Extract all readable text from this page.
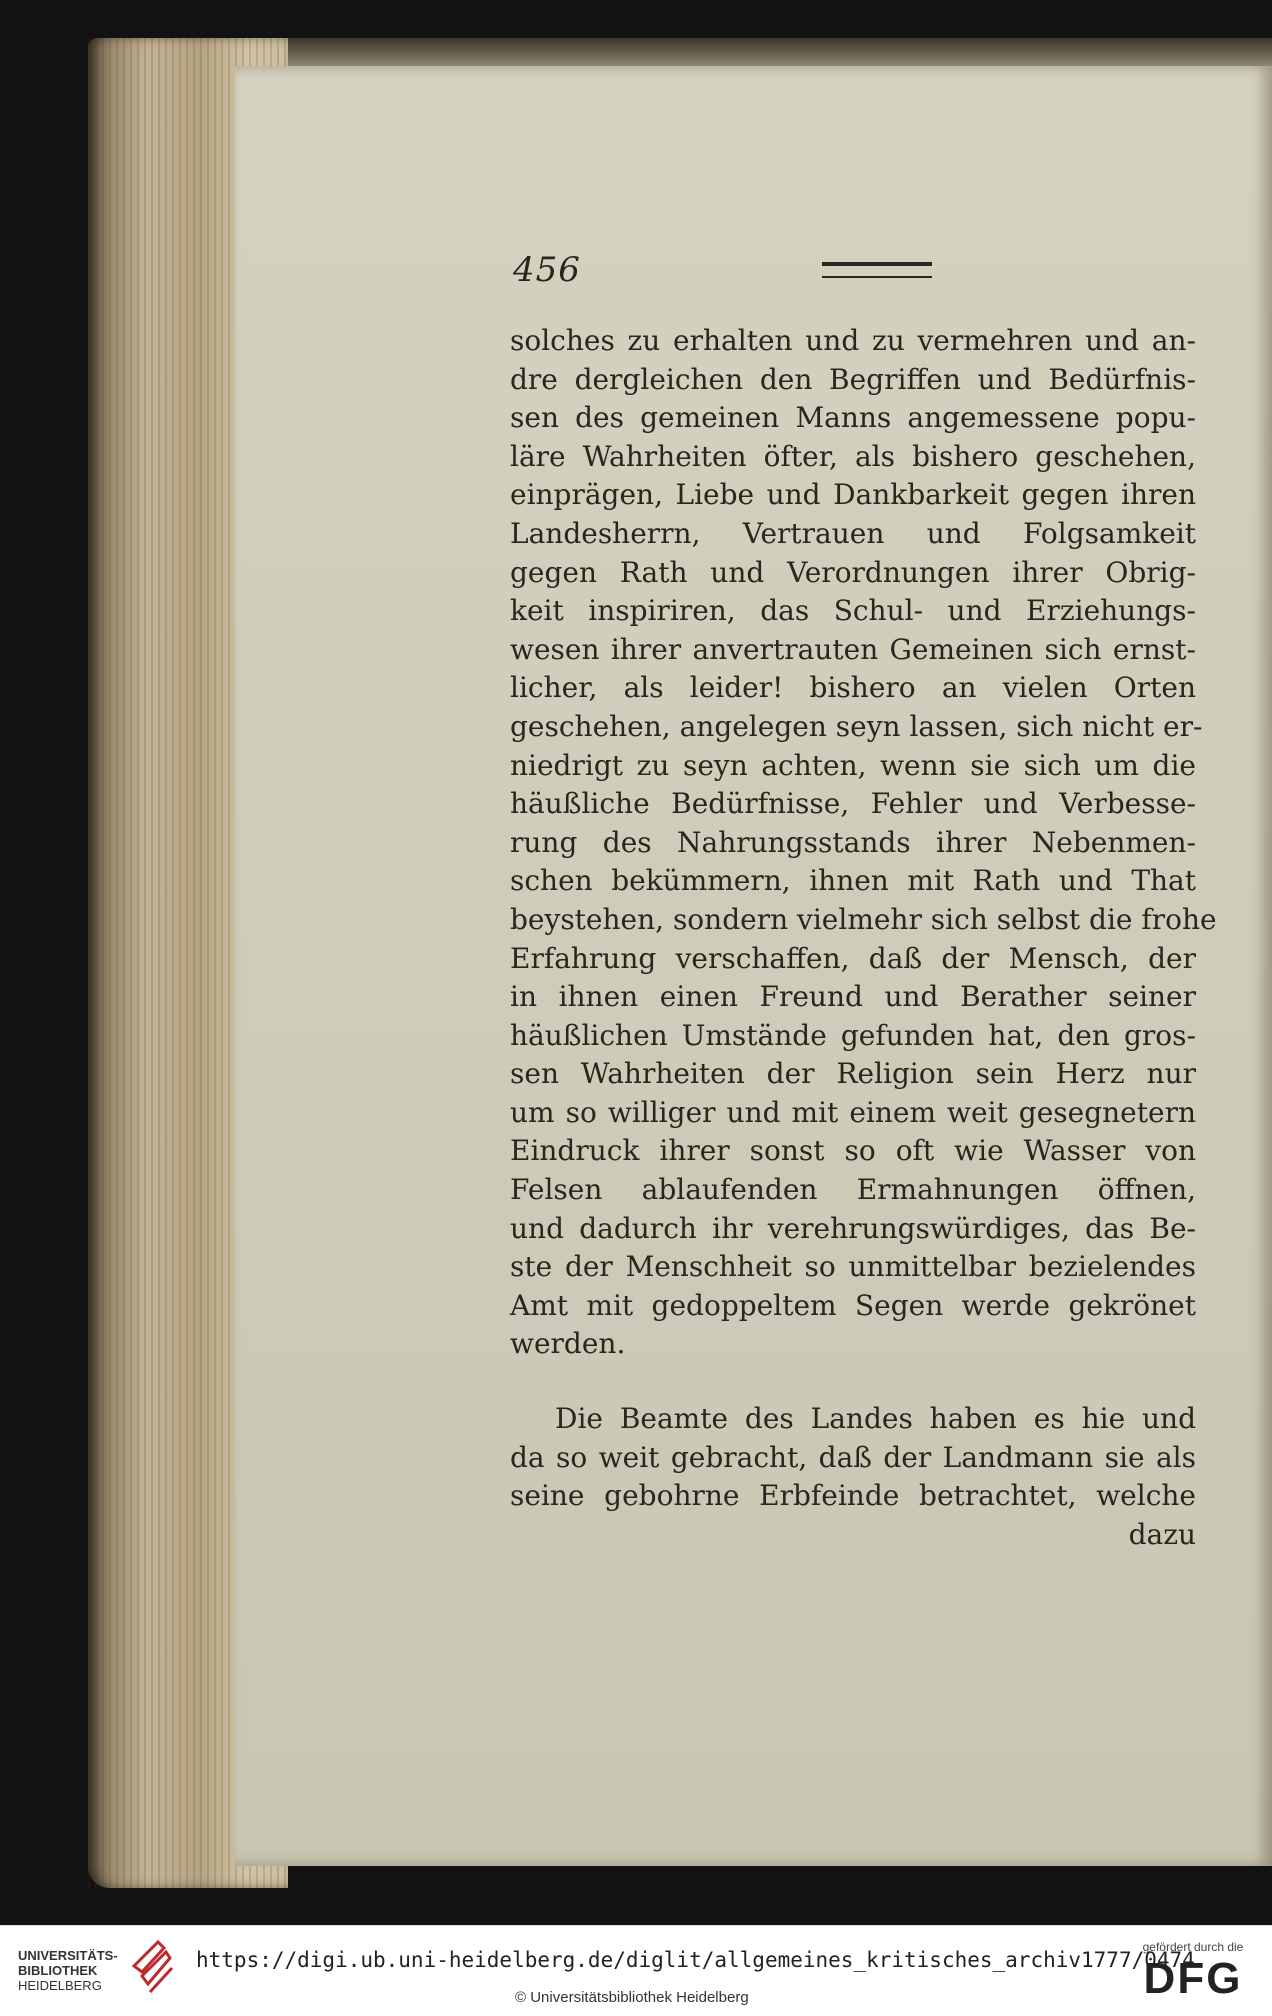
456
solches zu erhalten und zu vermehren und an-
dre dergleichen den Begriffen und Bedürfnis-
sen des gemeinen Manns angemessene popu-
läre Wahrheiten öfter, als bishero geschehen,
einprägen, Liebe und Dankbarkeit gegen ihren
Landesherrn, Vertrauen und Folgsamkeit
gegen Rath und Verordnungen ihrer Obrig-
keit inspiriren, das Schul- und Erziehungs-
wesen ihrer anvertrauten Gemeinen sich ernst-
licher, als leider! bishero an vielen Orten
geschehen, angelegen seyn lassen, sich nicht er-
niedrigt zu seyn achten, wenn sie sich um die
häußliche Bedürfnisse, Fehler und Verbesse-
rung des Nahrungsstands ihrer Nebenmen-
schen bekümmern, ihnen mit Rath und That
beystehen, sondern vielmehr sich selbst die frohe
Erfahrung verschaffen, daß der Mensch, der
in ihnen einen Freund und Berather seiner
häußlichen Umstände gefunden hat, den gros-
sen Wahrheiten der Religion sein Herz nur
um so williger und mit einem weit gesegnetern
Eindruck ihrer sonst so oft wie Wasser von
Felsen ablaufenden Ermahnungen öffnen,
und dadurch ihr verehrungswürdiges, das Be-
ste der Menschheit so unmittelbar bezielendes
Amt mit gedoppeltem Segen werde gekrönet
werden.
Die Beamte des Landes haben es hie und
da so weit gebracht, daß der Landmann sie als
seine gebohrne Erbfeinde betrachtet, welche
dazu
UNIVERSITÄTS-
BIBLIOTHEK
HEIDELBERG
https://digi.ub.uni-heidelberg.de/diglit/allgemeines_kritisches_archiv1777/0474
© Universitätsbibliothek Heidelberg
gefördert durch die
DFG
